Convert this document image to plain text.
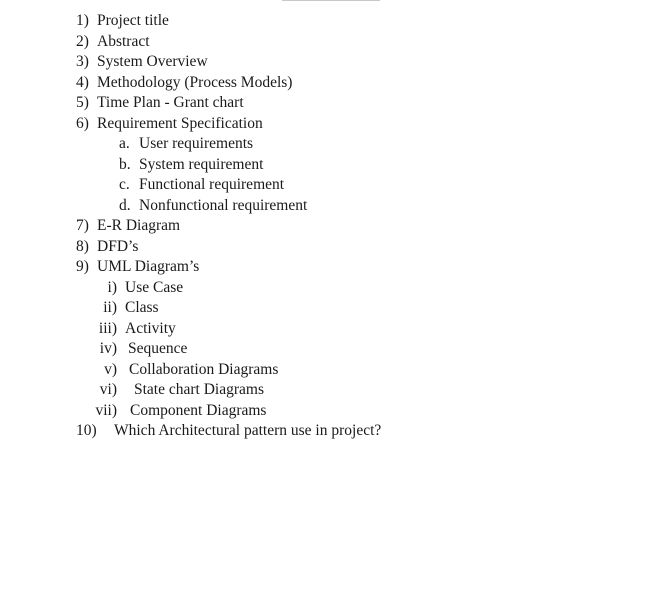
1) Project title
2) Abstract
3) System Overview
4) Methodology (Process Models)
5) Time Plan - Grant chart
6) Requirement Specification
a. User requirements
b. System requirement
c. Functional requirement
d. Nonfunctional requirement
7) E-R Diagram
8) DFD’s
9) UML Diagram’s
i) Use Case
ii) Class
iii) Activity
iv) Sequence
v) Collaboration Diagrams
vi) State chart Diagrams
vii) Component Diagrams
10) Which Architectural pattern use in project?
